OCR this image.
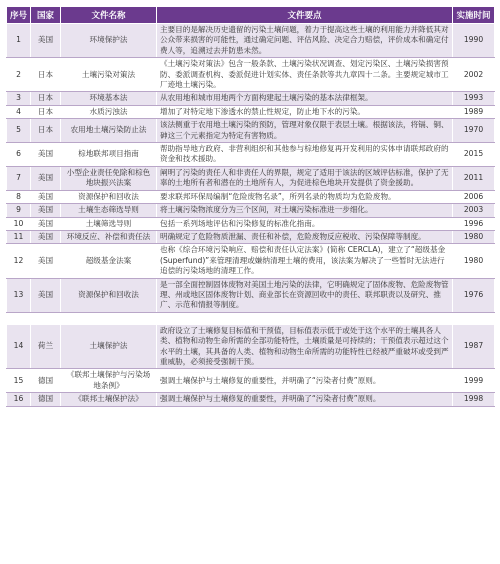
序号	国家	文件名称	文件要点	实施时间
1	美国	环境保护法	主要目的是解决历史遗留的污染土壤问题，着力于提高这些土壤的利用能力并降低其对公众带来损害的可能性，通过确定问题、评估风险、决定合力赔偿，评价成本和确定付费人等，追溯过去并防患未然。	1990
2	日本	土壤污染对策法	《土壤污染对策法》包含一般条款、土壤污染状况调查、划定污染区、土壤污染损害预防、委派调查机构、委派促进计划实体、责任条款等共九章四十二条。主要规定城市工厂迹地土壤污染。	2002
3	日本	环境基本法	从农用地和城市用地两个方面构建起土壤污染的基本法律框架。	1993
4	日本	水质污浊法	增加了对特定地下渗透水的禁止性规定，防止地下水的污染。	1989
5	日本	农用地土壤污染防止法	该法侧重于农用地土壤污染的预防，管理对象仅限于表层土壤。根据该法，将镉、铜、砷这三个元素指定为特定有害物质。	1970
6	美国	棕地联邦项目指南	帮助指导地方政府、非营利组织和其他参与棕地修复再开发利用的实体申请联邦政府的资金和技术援助。	2015
7	美国	小型企业责任免除和棕色地块振兴法案	阐明了污染的责任人和非责任人的界限，规定了适用于该法的区域评估标准，保护了无辜的土地所有者和潜在的土地所有人，为促进棕色地块开发提供了资金援助。	2011
8	美国	资源保护和回收法	要求联邦环保局编制“危险废物名录”，所列名录的物质均为危险废物。	2006
9	美国	土壤生态筛选导则	将土壤污染物浓度分为三个区间，对土壤污染标准进一步细化。	2003
10	美国	土壤筛选导则	包括一系列场地评估和污染修复的标准化指南。	1996
11	美国	环境反应、补偿和责任法	明确规定了危险物质泄漏、责任和补偿，危险废物反应税收、污染保障等制度。	1980
12	美国	超级基金法案	也称《综合环境污染响应、赔偿和责任认定法案》(简称 CERCLA)，建立了“超级基金(Superfund)”来管理清理或嫌纳清理土壤的费用，该法案为解决了一些暂时无法进行追偿的污染场地的清理工作。	1980
13	美国	资源保护和回收法	是一部全面控制固体废物对美国土地污染的法律，它明确规定了固体废物、危险废物管理、州或地区固体废物计划、商业部长在资源回收中的责任、联邦职责以及研究、推广、示范和情报等制度。	1976
14	荷兰	土壤保护法	政府设立了土壤修复目标值和干预值，目标值表示低于或处于这个水平的土壤具各人类、植物和动物生命所需的全部功能特性，土壤质量是可持续的；干预值表示超过这个水平的土壤，其具备的人类、植物和动物生命所需的功能特性已经被严重破坏或受到严重威胁，必须接受强制干预。	1987
15	德国	《联邦土壤保护与污染场地条例》	强调土壤保护与土壤修复的重要性，并明确了“污染者付费”原则。	1999
16	德国	《联邦土壤保护法》	强调土壤保护与土壤修复的重要性，并明确了“污染者付费”原则。	1998
